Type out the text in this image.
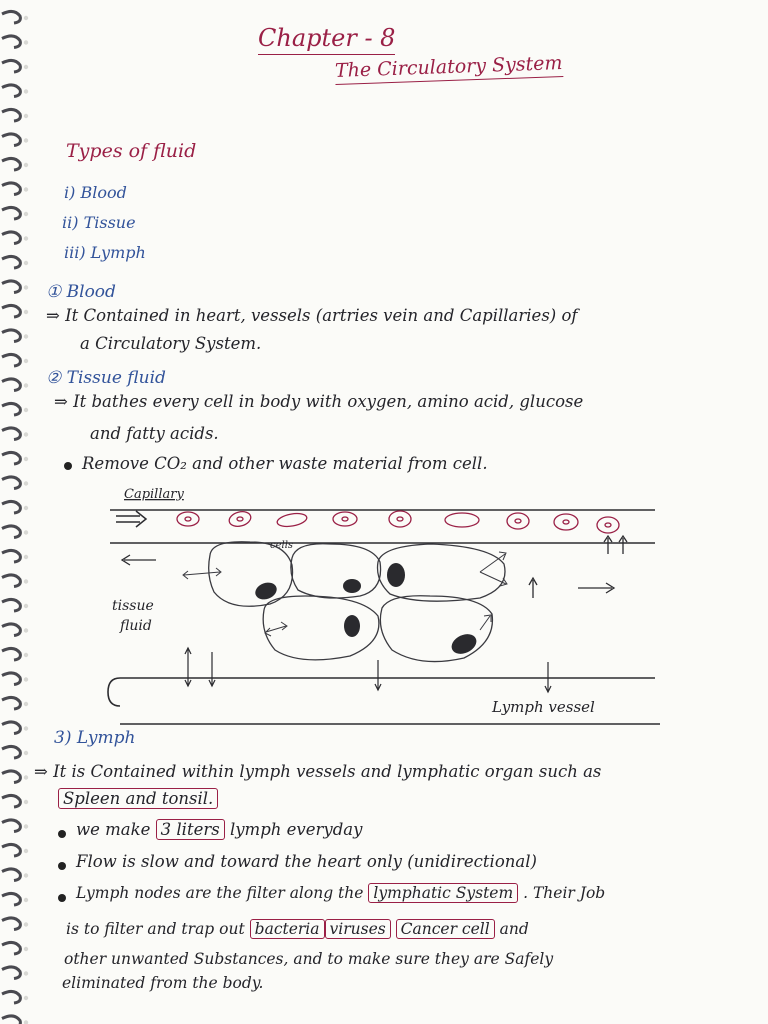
Chapter - 8
The Circulatory System
Types of fluid
i) Blood
ii) Tissue
iii) Lymph
① Blood
⇒ It Contained in heart, vessels (artries vein and Capillaries) of
a Circulatory System.
② Tissue fluid
⇒ It bathes every cell in body with oxygen, amino acid, glucose
and fatty acids.
Remove CO₂ and other waste material from cell.
Capillary
cells
tissue
fluid
Lymph vessel
3) Lymph
⇒ It is Contained within lymph vessels and lymphatic organ such as
Spleen and tonsil.
we make 3 liters lymph everyday
Flow is slow and toward the heart only (unidirectional)
Lymph nodes are the filter along the lymphatic System . Their Job
is to filter and trap out bacteria viruses Cancer cell and
other unwanted Substances, and to make sure they are Safely
eliminated from the body.
